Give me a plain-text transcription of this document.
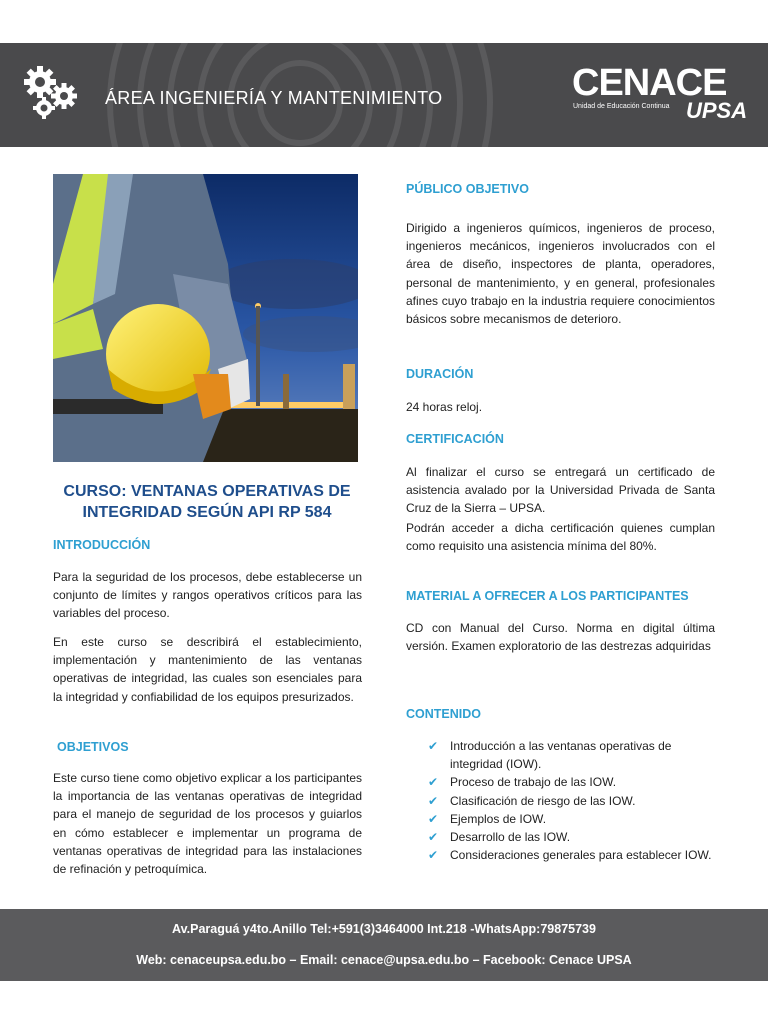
ÁREA INGENIERÍA Y MANTENIMIENTO	CENACE
Unidad de Educación Continua UPSA
CURSO: VENTANAS OPERATIVAS DE INTEGRIDAD SEGÚN API RP 584
INTRODUCCIÓN

Para la seguridad de los procesos, debe establecerse un conjunto de límites y rangos operativos críticos para las variables del proceso.

En este curso se describirá el establecimiento, implementación y mantenimiento de las ventanas operativas de integridad, las cuales son esenciales para la integridad y confiabilidad de los equipos presurizados.

OBJETIVOS

Este curso tiene como objetivo explicar a los participantes la importancia de las ventanas operativas de integridad para el manejo de seguridad de los procesos y guiarlos en cómo establecer e implementar un programa de ventanas operativas de integridad para las instalaciones de refinación y petroquímica.

PÚBLICO OBJETIVO

Dirigido a ingenieros químicos, ingenieros de proceso, ingenieros mecánicos, ingenieros involucrados con el área de diseño, inspectores de planta, operadores, personal de mantenimiento, y en general, profesionales afines cuyo trabajo en la industria requiere conocimientos básicos sobre mecanismos de deterioro.

DURACIÓN

24 horas reloj.

CERTIFICACIÓN

Al finalizar el curso se entregará un certificado de asistencia avalado por la Universidad Privada de Santa Cruz de la Sierra – UPSA.

Podrán acceder a dicha certificación quienes cumplan como requisito una asistencia mínima del 80%.

MATERIAL A OFRECER A LOS PARTICIPANTES

CD con Manual del Curso. Norma en digital última versión. Examen exploratorio de las destrezas adquiridas

CONTENIDO
✔ Introducción a las ventanas operativas de integridad (IOW).
✔ Proceso de trabajo de las IOW.
✔ Clasificación de riesgo de las IOW.
✔ Ejemplos de IOW.
✔ Desarrollo de las IOW.
✔ Consideraciones generales para establecer IOW.
Av.Paraguá y4to.Anillo Tel:+591(3)3464000 Int.218 -WhatsApp:79875739
Web: cenaceupsa.edu.bo – Email: cenace@upsa.edu.bo – Facebook: Cenace UPSA
